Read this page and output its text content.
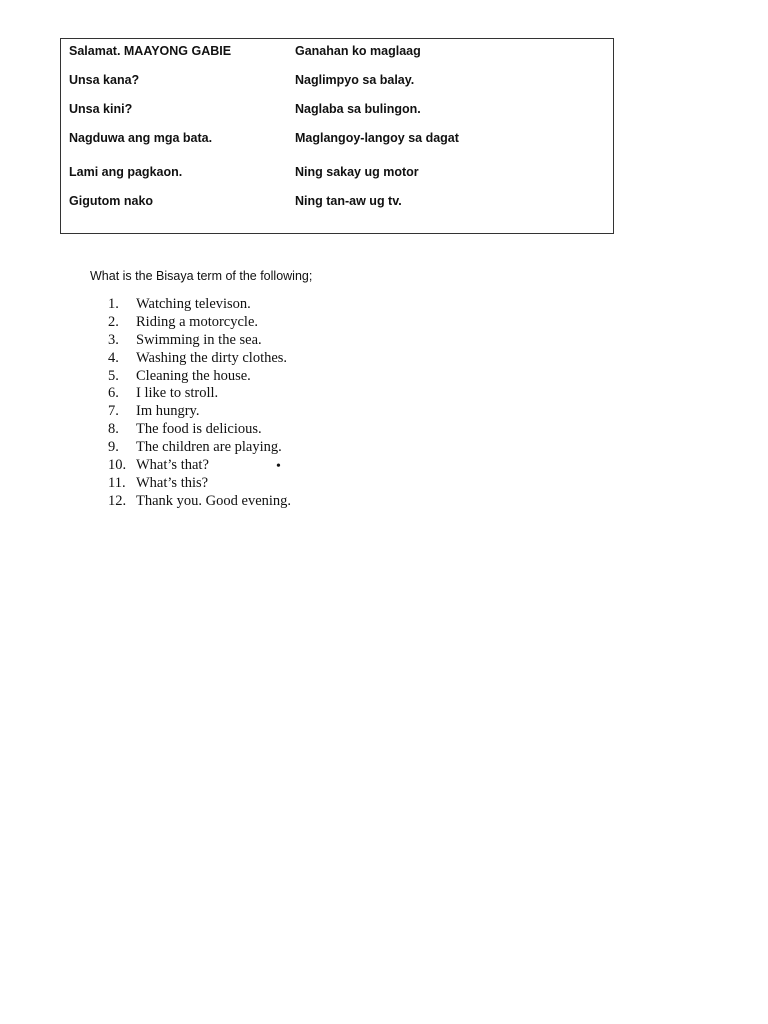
Salamat. MAAYONG GABIE
Unsa kana?
Unsa kini?
Nagduwa ang mga bata.
Lami ang pagkaon.
Gigutom nako
Ganahan ko maglaag
Naglimpyo sa balay.
Naglaba sa bulingon.
Maglangoy-langoy sa dagat
Ning sakay ug motor
Ning tan-aw ug tv.
What is the Bisaya term of the following;
1. Watching televison.
2. Riding a motorcycle.
3. Swimming in the sea.
4. Washing the dirty clothes.
5. Cleaning the house.
6. I like to stroll.
7. Im hungry.
8. The food is delicious.
9. The children are playing.
10. What’s that?
11. What’s this?
12. Thank you. Good evening.
•
